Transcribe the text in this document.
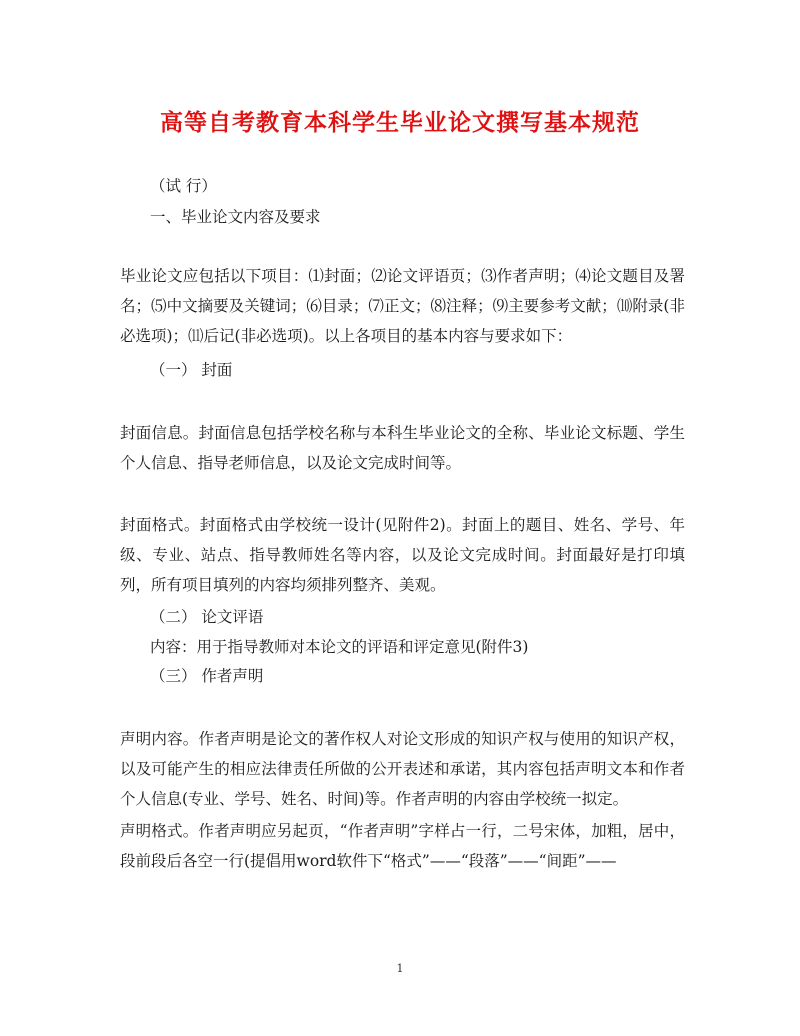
高等自考教育本科学生毕业论文撰写基本规范
（试 行）
一、毕业论文内容及要求
毕业论文应包括以下项目：⑴封面；⑵论文评语页；⑶作者声明；⑷论文题目及署名；⑸中文摘要及关键词；⑹目录；⑺正文；⑻注释；⑼主要参考文献；⑽附录(非必选项)；⑾后记(非必选项)。以上各项目的基本内容与要求如下：
（一） 封面
封面信息。封面信息包括学校名称与本科生毕业论文的全称、毕业论文标题、学生个人信息、指导老师信息，以及论文完成时间等。
封面格式。封面格式由学校统一设计(见附件2)。封面上的题目、姓名、学号、年级、专业、站点、指导教师姓名等内容，以及论文完成时间。封面最好是打印填列，所有项目填列的内容均须排列整齐、美观。
（二） 论文评语
内容：用于指导教师对本论文的评语和评定意见(附件3)
（三） 作者声明
声明内容。作者声明是论文的著作权人对论文形成的知识产权与使用的知识产权，以及可能产生的相应法律责任所做的公开表述和承诺，其内容包括声明文本和作者个人信息(专业、学号、姓名、时间)等。作者声明的内容由学校统一拟定。
声明格式。作者声明应另起页，“作者声明”字样占一行，二号宋体，加粗，居中，段前段后各空一行(提倡用word软件下“格式”——“段落”——“间距”——
1
